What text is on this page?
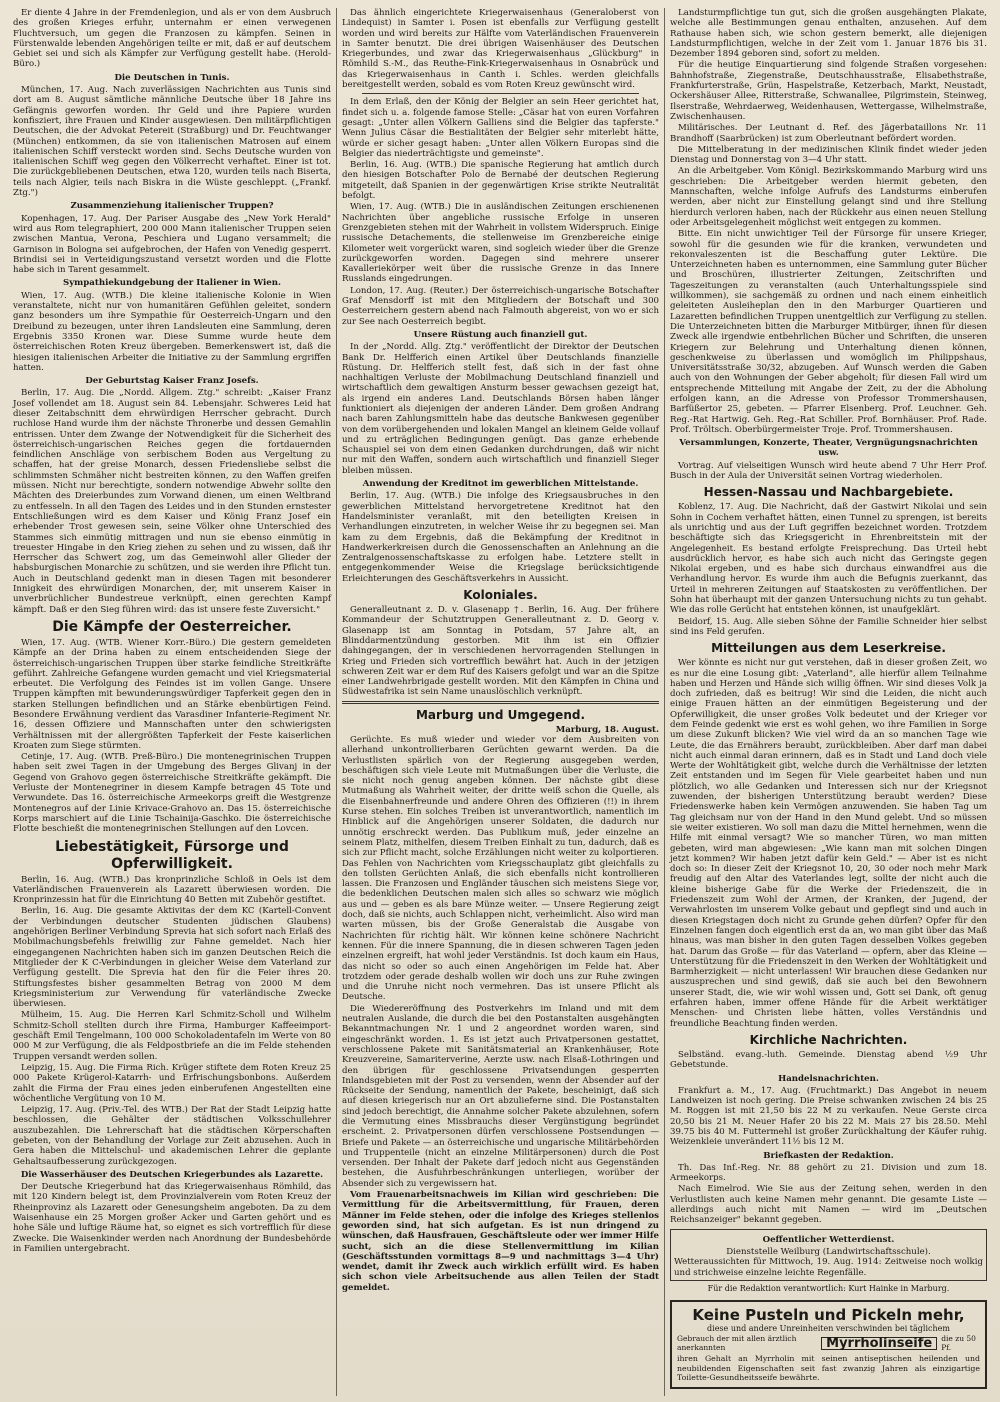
Er diente 4 Jahre in der Fremdenlegion, und als er von dem Ausbruch des großen Krieges erfuhr, unternahm er einen verwegenen Fluchtversuch, um gegen die Franzosen zu kämpfen. Seinen in Fürstenwalde lebenden Angehörigen teilte er mit, daß er auf deutschem Gebiet sei und sich als Kämpfer zur Verfügung gestellt habe. (Herold-Büro.)

Die Deutschen in Tunis.

München, 17. Aug. Nach zuverlässigen Nachrichten aus Tunis sind dort am 8. August sämtliche männliche Deutsche über 18 Jahre ins Gefängnis geworfen worden. Ihr Geld und ihre Papiere wurden konfisziert, ihre Frauen und Kinder ausgewiesen. Den militärpflichtigen Deutschen, die der Advokat Petereit (Straßburg) und Dr. Feuchtwanger (München) entkommen, da sie von italienischen Matrosen auf einem italienischen Schiff versteckt worden sind. Sechs Deutsche wurden von italienischen Schiff weg gegen den Völkerrecht verhaftet. Einer ist tot. Die zurückgebliebenen Deutschen, etwa 120, wurden teils nach Biserta, teils nach Algier, teils nach Biskra in die Wüste geschleppt. („Frankf. Ztg.")

Zusammenziehung italienischer Truppen?

Kopenhagen, 17. Aug. Der Pariser Ausgabe des „New York Herald" wird aus Rom telegraphiert, 200 000 Mann italienischer Truppen seien zwischen Mantua, Verona, Peschiera und Lugano versammelt; die Garnison in Bologna sei aufgebrochen, der Hafen von Venedig gesperrt. Brindisi sei in Verteidigungszustand versetzt worden und die Flotte habe sich in Tarent gesammelt.

Sympathiekundgebung der Italiener in Wien.

Wien, 17. Aug. (WTB.) Die kleine italienische Kolonie in Wien veranstaltete, nicht nur von humanitären Gefühlen geleitet, sondern ganz besonders um ihre Sympathie für Oesterreich-Ungarn und den Dreibund zu bezeugen, unter ihren Landsleuten eine Sammlung, deren Ergebnis 3350 Kronen war. Diese Summe wurde heute dem österreichischen Roten Kreuz übergeben. Bemerkenswert ist, daß die hiesigen italienischen Arbeiter die Initiative zu der Sammlung ergriffen hatten.

Der Geburtstag Kaiser Franz Josefs.

Berlin, 17. Aug. Die „Nordd. Allgem. Ztg." schreibt: „Kaiser Franz Josef vollendet am 18. August sein 84. Lebensjahr. Schweres Leid hat dieser Zeitabschnitt dem ehrwürdigen Herrscher gebracht. Durch ruchlose Hand wurde ihm der nächste Thronerbe und dessen Gemahlin entrissen. Unter dem Zwange der Notwendigkeit für die Sicherheit des österreichisch-ungarischen Reiches gegen die fortdauernden feindlichen Anschläge von serbischem Boden aus Vergeltung zu schaffen, hat der greise Monarch, dessen Friedensliebe selbst die schlimmsten Schmäher nicht bestreiten können, zu den Waffen greifen müssen. Nicht nur berechtigte, sondern notwendige Abwehr sollte den Mächten des Dreierbundes zum Vorwand dienen, um einen Weltbrand zu entfesseln. In all den Tagen des Leides und in den Stunden ernstester Entschließungen wird es dem Kaiser und König Franz Josef ein erhebender Trost gewesen sein, seine Völker ohne Unterschied des Stammes sich einmütig mittragen und nun sie ebenso einmütig in treuester Hingabe in den Krieg ziehen zu sehen und zu wissen, daß ihr Herrscher das Schwert zog, um das Gemeinwohl aller Glieder der habsburgischen Monarchie zu schützen, und sie werden ihre Pflicht tun. Auch in Deutschland gedenkt man in diesen Tagen mit besonderer Innigkeit des ehrwürdigen Monarchen, der, mit unserem Kaiser in unverbrüchlicher Bundestreue verknüpft, einen gerechten Kampf kämpft. Daß er den Sieg führen wird: das ist unsere feste Zuversicht."

Die Kämpfe der Oesterreicher.

Wien, 17. Aug. (WTB. Wiener Korr.-Büro.) Die gestern gemeldeten Kämpfe an der Drina haben zu einem entscheidenden Siege der österreichisch-ungarischen Truppen über starke feindliche Streitkräfte geführt. Zahlreiche Gefangene wurden gemacht und viel Kriegsmaterial erbeutet. Die Verfolgung des Feindes ist im vollen Gange. Unsere Truppen kämpften mit bewunderungswürdiger Tapferkeit gegen den in starken Stellungen befindlichen und an Stärke ebenbürtigen Feind. Besondere Erwähnung verdient das Varasdiner Infanterie-Regiment Nr. 16, dessen Offiziere und Mannschaften unter den schwierigsten Verhältnissen mit der allergrößten Tapferkeit der Feste kaiserlichen Kroaten zum Siege stürmten.

Cetinje, 17. Aug. (WTB. Preß-Büro.) Die montenegrinischen Truppen haben seit zwei Tagen in der Umgebung des Berges Glivanj in der Gegend von Grahovo gegen österreichische Streitkräfte gekämpft. Die Verluste der Montenegriner in diesem Kampfe betragen 45 Tote und Verwundete. Das 16. österreichische Armeekorps greift die Westgrenze Montenegros auf der Linie Krivace-Grahovo an. Das 15. österreichische Korps marschiert auf die Linie Tschainija-Gaschko. Die österreichische Flotte beschießt die montenegrinischen Stellungen auf den Lovcen.

Liebestätigkeit, Fürsorge und Opferwilligkeit.

Berlin, 16. Aug. (WTB.) Das kronprinzliche Schloß in Oels ist dem Vaterländischen Frauenverein als Lazarett überwiesen worden. Die Kronprinzessin hat für die Einrichtung 40 Betten mit Zubehör gestiftet.

Berlin, 16. Aug. Die gesamte Aktivitas der dem KC (Kartell-Convent der Verbindungen deutscher Studenten jüdischen Glaubens) angehörigen Berliner Verbindung Sprevia hat sich sofort nach Erlaß des Mobilmachungsbefehls freiwillig zur Fahne gemeldet. Nach hier eingegangenen Nachrichten haben sich im ganzen Deutschen Reich die Mitglieder der K C-Verbindungen in gleicher Weise dem Vaterland zur Verfügung gestellt. Die Sprevia hat den für die Feier ihres 20. Stiftungsfestes bisher gesammelten Betrag von 2000 M dem Kriegsministerium zur Verwendung für vaterländische Zwecke überwiesen.

Mülheim, 15. Aug. Die Herren Karl Schmitz-Scholl und Wilhelm Schmitz-Scholl stellten durch ihre Firma, Hamburger Kaffeeimport-geschäft Emil Tengelmann, 100 000 Schokoladentafeln im Werte von 80 000 M zur Verfügung, die als Feldpostbriefe an die im Felde stehenden Truppen versandt werden sollen.

Leipzig, 15. Aug. Die Firma Rich. Krüger stiftete dem Roten Kreuz 25 000 Pakete Krügerol-Katarrh- und Erfrischungsbonbons. Außerdem zahlt die Firma der Frau eines jeden einberufenen Angestellten eine wöchentliche Vergütung von 10 M.

Leipzig, 17. Aug. (Priv.-Tel. des WTB.) Der Rat der Stadt Leipzig hatte beschlossen, die Gehälter der städtischen Volksschullehrer auszubezahlen. Die Lehrerschaft hat die städtischen Körperschaften gebeten, von der Behandlung der Vorlage zur Zeit abzusehen. Auch in Gera haben die Mittelschul- und akademischen Lehrer die geplante Gehaltsaufbesserung zurückgezogen.

Die Wasserhäuser des Deutschen Kriegerbundes als Lazarette.

Der Deutsche Kriegerbund hat das Kriegerwaisenhaus Römhild, das mit 120 Kindern belegt ist, dem Provinzialverein vom Roten Kreuz der Rheinprovinz als Lazarett oder Genesungsheim angeboten. Da zu dem Waisenhause ein 25 Morgen großer Acker und Garten gehört und es hohe Säle und luftige Räume hat, so eignet es sich vortrefflich für diese Zwecke. Die Waisenkinder werden nach Anordnung der Bundesbehörde in Familien untergebracht.

Das ähnlich eingerichtete Kriegerwaisenhaus (Generaloberst von Lindequist) in Samter i. Posen ist ebenfalls zur Verfügung gestellt worden und wird bereits zur Hälfte vom Vaterländischen Frauenverein in Samter benutzt. Die drei übrigen Waisenhäuser des Deutschen Kriegerbundes, und zwar das Kriegerwaisenhaus „Glückburg" in Römhild S.-M., das Reuthe-Fink-Kriegerwaisenhaus in Osnabrück und das Kriegerwaisenhaus in Canth i. Schles. werden gleichfalls bereitgestellt werden, sobald es vom Roten Kreuz gewünscht wird.

In dem Erlaß, den der König der Belgier an sein Heer gerichtet hat, findet sich u. a. folgende famose Stelle: „Cäsar hat von euren Vorfahren gesagt: „Unter allen Völkern Galliens sind die Belgier das tapferste." Wenn Julius Cäsar die Bestialitäten der Belgier sehr miterlebt hätte, würde er sicher gesagt haben: „Unter allen Völkern Europas sind die Belgier das niederträchtigste und gemeinste".

Berlin, 16. Aug. (WTB.) Die spanische Regierung hat amtlich durch den hiesigen Botschafter Polo de Bernabé der deutschen Regierung mitgeteilt, daß Spanien in der gegenwärtigen Krise strikte Neutralität befolgt.

Wien, 17. Aug. (WTB.) Die in ausländischen Zeitungen erschienenen Nachrichten über angebliche russische Erfolge in unseren Grenzgebieten stehen mit der Wahrheit in vollstem Widerspruch. Einige russische Detachements, die stellenweise im Grenzbereiche einige Kilometer weit vorgerückt waren, sind sogleich wieder über die Grenze zurückgeworfen worden. Dagegen sind mehrere unserer Kavalleriekörper weit über die russische Grenze in das Innere Russlands eingedrungen.

London, 17. Aug. (Reuter.) Der österreichisch-ungarische Botschafter Graf Mensdorff ist mit den Mitgliedern der Botschaft und 300 Oesterreichern gestern abend nach Falmouth abgereist, von wo er sich zur See nach Oesterreich begibt.

Unsere Rüstung auch finanziell gut.

In der „Nordd. Allg. Ztg." veröffentlicht der Direktor der Deutschen Bank Dr. Helfferich einen Artikel über Deutschlands finanzielle Rüstung. Dr. Helfferich stellt fest, daß sich in der fast ohne nachhaltigen Verluste der Mobilmachung Deutschland finanziell und wirtschaftlich dem gewaltigen Ansturm besser gewachsen gezeigt hat, als irgend ein anderes Land. Deutschlands Börsen haben länger funktioniert als diejenigen der anderen Länder. Dem großen Andrang nach baren Zahlungsmitteln habe das deutsche Bankwesen gegenüber von dem vorübergehenden und lokalen Mangel an kleinem Gelde vollauf und zu erträglichen Bedingungen genügt. Das ganze erhebende Schauspiel sei von dem einen Gedanken durchdrungen, daß wir nicht nur mit den Waffen, sondern auch wirtschaftlich und finanziell Sieger bleiben müssen.

Anwendung der Kreditnot im gewerblichen Mittelstande.

Berlin, 17. Aug. (WTB.) Die infolge des Kriegsausbruches in den gewerblichen Mittelstand hervorgetretene Kreditnot hat den Handelsminister veranlaßt, mit den beteiligten Kreisen in Verhandlungen einzutreten, in welcher Weise ihr zu begegnen sei. Man kam zu dem Ergebnis, daß die Bekämpfung der Kreditnot in Handwerkerkreisen durch die Genossenschaften an Anlehnung an die Zentralgenossenschaftskasse zu erfolgen habe. Letztere stellt in entgegenkommender Weise die Kriegslage berücksichtigende Erleichterungen des Geschäftsverkehrs in Aussicht.

Koloniales.

Generalleutnant z. D. v. Glasenapp †. Berlin, 16. Aug. Der frühere Kommandeur der Schutztruppen Generalleutnant z. D. Georg v. Glasenapp ist am Sonntag in Potsdam, 57 Jahre alt, an Blinddarmentzündung gestorben. Mit ihm ist ein Offizier dahingegangen, der in verschiedenen hervorragenden Stellungen in Krieg und Frieden sich vortrefflich bewährt hat. Auch in der jetzigen schweren Zeit war er dem Ruf des Kaisers gefolgt und war an die Spitze einer Landwehrbrigade gestellt worden. Mit den Kämpfen in China und Südwestafrika ist sein Name unauslöschlich verknüpft.

Marburg und Umgegend.
Marburg, 18. August.

Gerüchte. Es muß wieder und wieder vor dem Ausbreiten von allerhand unkontrollierbaren Gerüchten gewarnt werden. Da die Verlustlisten spärlich von der Regierung ausgegeben werden, beschäftigen sich viele Leute mit Mutmaßungen über die Verluste, die sie nicht noch genug angeben können. Der nächste gibt diese Mutmaßung als Wahrheit weiter, der dritte weiß schon die Quelle, als die Eisenbahnerfreunde und andere Ohren des Offizieren (!!) in ihrem Kurse stehen. Ein solches Treiben ist unverantwortlich, namentlich im Hinblick auf die Angehörigen unserer Soldaten, die dadurch nur unnötig erschreckt werden. Das Publikum muß, jeder einzelne an seinem Platz, mithelfen, diesem Treiben Einhalt zu tun, dadurch, daß es sich zur Pflicht macht, solche Erzählungen nicht weiter zu kolportieren. Das Fehlen von Nachrichten vom Kriegsschauplatz gibt gleichfalls zu den tollsten Gerüchten Anlaß, die sich ebenfalls nicht kontrollieren lassen. Die Franzosen und Engländer täuschen sich meistens Siege vor, die bedenklichen Deutschen malen sich alles so schwarz wie möglich aus und — geben es als bare Münze weiter. — Unsere Regierung zeigt doch, daß sie nichts, auch Schlappen nicht, verheimlicht. Also wird man warten müssen, bis der Große Generalstab die Ausgabe von Nachrichten für richtig hält. Wir können keine schönere Nachricht kennen. Für die innere Spannung, die in diesen schweren Tagen jeden einzelnen ergreift, hat wohl jeder Verständnis. Ist doch kaum ein Haus, das nicht so oder so auch einen Angehörigen im Felde hat. Aber trotzdem oder gerade deshalb wollen wir doch uns zur Ruhe zwingen und die Unruhe nicht noch vermehren. Das ist unsere Pflicht als Deutsche.

Die Wiedereröffnung des Postverkehrs im Inland und mit dem neutralen Auslande, die durch die bei den Postanstalten ausgehängten Bekanntmachungen Nr. 1 und 2 angeordnet worden waren, sind eingeschränkt worden. 1. Es ist jetzt auch Privatpersonen gestattet, verschlossene Pakete mit Sanitätsmaterial an Krankenhäuser, Rote Kreuzvereine, Samariterverine, Aerzte usw. nach Elsaß-Lothringen und den übrigen für geschlossene Privatsendungen gesperrten Inlandsgebieten mit der Post zu versenden, wenn der Absender auf der Rückseite der Sendung, namentlich der Pakete, bescheinigt, daß sich auf diesen kriegerisch nur an Ort abzulieferne sind. Die Postanstalten sind jedoch berechtigt, die Annahme solcher Pakete abzulehnen, sofern die Vermutung eines Missbrauchs dieser Vergünstigung begründet erscheint. 2. Privatpersonen dürfen verschlossene Postsendungen — Briefe und Pakete — an österreichische und ungarische Militärbehörden und Truppenteile (nicht an einzelne Militärpersonen) durch die Post versenden. Der Inhalt der Pakete darf jedoch nicht aus Gegenständen bestehen, die Ausfuhrbeschränkungen unterliegen, worüber der Absender sich zu vergewissern hat.

Vom Frauenarbeitsnachweis im Kilian wird geschrieben: Die Vermittlung für die Arbeitsvermittlung, für Frauen, deren Männer im Felde stehen, oder die infolge des Krieges stellenlos geworden sind, hat sich aufgetan. Es ist nun dringend zu wünschen, daß Hausfrauen, Geschäftsleute oder wer immer Hilfe sucht, sich an die diese Stellenvermittlung im Kilian (Geschäftsstunden vormittags 8—9 und nachmittags 3—4 Uhr) wendet, damit ihr Zweck auch wirklich erfüllt wird. Es haben sich schon viele Arbeitsuchende aus allen Teilen der Stadt gemeldet.

Landsturmpflichtige tun gut, sich die großen ausgehängten Plakate, welche alle Bestimmungen genau enthalten, anzusehen. Auf dem Rathause haben sich, wie schon gestern bemerkt, alle diejenigen Landsturmpflichtigen, welche in der Zeit vom 1. Januar 1876 bis 31. Dezember 1894 geboren sind, sofort zu melden.

Für die heutige Einquartierung sind folgende Straßen vorgesehen: Bahnhofstraße, Ziegenstraße, Deutschhausstraße, Elisabethstraße, Frankfurterstraße, Grün, Haspelstraße, Ketzerbach, Markt, Neustadt, Ockershäuser Allee, Ritterstraße, Schwanallee, Pilgrimstein, Steinweg, Ilserstraße, Wehrdaerweg, Weidenhausen, Wettergasse, Wilhelmstraße, Zwischenhausen.

Militärisches. Der Leutnant d. Ref. des Jägerbataillons Nr. 11 Brandhoff (Saarbrücken) ist zum Oberleutnant befördert worden.

Die Mittelberatung in der medizinischen Klinik findet wieder jeden Dienstag und Donnerstag von 3—4 Uhr statt.

An die Arbeitgeber. Vom Königl. Bezirkskommando Marburg wird uns geschrieben: Die Arbeitgeber werden hiermit gebeten, den Mannschaften, welche infolge Aufrufs des Landsturms einberufen werden, aber nicht zur Einstellung gelangt sind und ihre Stellung hierdurch verloren haben, nach der Rückkehr aus einen neuen Stellung oder Arbeitsgelegenheit möglichst weit entgegen zu kommen.

Bitte. Ein nicht unwichtiger Teil der Fürsorge für unsere Krieger, sowohl für die gesunden wie für die kranken, verwundeten und rekonvaleszenten ist die Beschaffung guter Lektüre. Die Unterzeichneten haben es unternommen, eine Sammlung guter Bücher und Broschüren, illustrierter Zeitungen, Zeitschriften und Tageszeitungen zu veranstalten (auch Unterhaltungsspiele sind willkommen), sie sachgemäß zu ordnen und nach einem einheitlich geleiteten Ausleiheplan den in den Marburger Quartieren und Lazaretten befindlichen Truppen unentgeltlich zur Verfügung zu stellen. Die Unterzeichneten bitten die Marburger Mitbürger, ihnen für diesen Zweck alle irgendwie entbehrlichen Bücher und Schriften, die unseren Kriegern zur Belehrung und Unterhaltung dienen können, geschenkweise zu überlassen und womöglich im Philippshaus, Universitätsstraße 30/32, abzugeben. Auf Wunsch werden die Gaben auch von den Wohnungen der Geber abgeholt; für diesen Fall wird um entsprechende Mitteilung mit Angabe der Zeit, zu der die Abholung erfolgen kann, an die Adresse von Professor Trommershausen, Barfüßertor 25, gebeten. — Pfarrer Elsenberg. Prof. Leuchner. Geh. Reg.-Rat Hartwig. Geh. Reg.-Rat Schiller. Prof. Bornhäuser. Prof. Rade. Prof. Tröltsch. Oberbürgermeister Troje. Prof. Trommershausen.

Versammlungen, Konzerte, Theater, Vergnügungsnachrichten usw.

Vortrag. Auf vielseitigen Wunsch wird heute abend 7 Uhr Herr Prof. Busch in der Aula der Universität seinen Vortrag wiederholen.

Hessen-Nassau und Nachbargebiete.

Koblenz, 17. Aug. Die Nachricht, daß der Gastwirt Nikolai und sein Sohn in Cochem verhaftet hätten, einen Tunnel zu sprengen, ist bereits als unrichtig und aus der Luft gegriffen bezeichnet worden. Trotzdem beschäftigte sich das Kriegsgericht in Ehrenbreitstein mit der Angelegenheit. Es bestand erfolgte Freisprechung. Das Urteil hebt ausdrücklich hervor, es habe sich auch nicht das Geringste gegen Nikolai ergeben, und es habe sich durchaus einwandfrei aus die Verhandlung hervor. Es wurde ihm auch die Befugnis zuerkannt, das Urteil in mehreren Zeitungen auf Staatskosten zu veröffentlichen. Der Sohn hat überhaupt mit der ganzen Untersuchung nichts zu tun gehabt. Wie das rolle Gerücht hat entstehen können, ist unaufgeklärt.

Beidorf, 15. Aug. Alle sieben Söhne der Familie Schneider hier selbst sind ins Feld gerufen.

Mitteilungen aus dem Leserkreise.

Wer könnte es nicht nur gut verstehen, daß in dieser großen Zeit, wo es nur die eine Losung gibt: „Vaterland", alle hierfür allem Teilnahme haben und Herzen und Hände sich willig öffnen. Wir sind dieses Volk ja doch zufrieden, daß es beitrug! Wir sind die Leiden, die nicht auch einige Frauen hätten an der einmütigen Begeisterung und der Opferwilligkeit, die unser großes Volk bedeutet und der Krieger vor dem Feinde gedenkt wie erst es wohl gehen, wo ihre Familien in Sorge um diese Zukunft blicken? Wie viel wird da an so manchen Tage wie Leute, die das Ernährers beraubt, zurückbleiben. Aber darf man dabei nicht auch einmal daran erinnern, daß es in Stadt und Land doch viele Werte der Wohltätigkeit gibt, welche durch die Verhältnisse der letzten Zeit entstanden und im Segen für Viele gearbeitet haben und nun plötzlich, wo alle Gedanken und Interessen sich nur der Kriegsnot zuwenden, der bisherigen Unterstützung beraubt werden? Diese Friedenswerke haben kein Vermögen anzuwenden. Sie haben Tag um Tag gleichsam nur von der Hand in den Mund gelebt. Und so müssen sie weiter existieren. Wo soll man dazu die Mittel hernehmen, wenn die Hilfe mit einmal versagt? Wie so mancher Türen, wo man mitten gebeten, wird man abgewiesen: „Wie kann man mit solchen Dingen jetzt kommen? Wir haben jetzt dafür kein Geld." — Aber ist es nicht doch so: In dieser Zeit der Kriegsnot 10, 20, 30 oder noch mehr Mark freudig auf den Altar des Vaterlandes legt, sollte der nicht auch die kleine bisherige Gabe für die Werke der Friedenszeit, die in Friedenszeit zum Wohl der Armen, der Kranken, der Jugend, der Verwahrlosten im unserem Volke gebaut und gepflegt sind und auch in diesen Kriegstagen doch nicht zu Grunde gehen dürfen? Opfer für den Einzelnen fangen doch eigentlich erst da an, wo man gibt über das Maß hinaus, was man bisher in den guten Tagen desselben Volkes gegeben hat. Darum das Große — für das Vaterland — opfern, aber das Kleine — Unterstützung für die Friedenszeit in den Werken der Wohltätigkeit und Barmherzigkeit — nicht unterlassen! Wir brauchen diese Gedanken nur auszusprechen und sind gewiß, daß sie auch bei den Bewohnern unserer Stadt, die, wie wir wohl wissen und, Gott sei Dank, oft genug erfahren haben, immer offene Hände für die Arbeit werktätiger Menschen- und Christen liebe hätten, volles Verständnis und freundliche Beachtung finden werden.

Kirchliche Nachrichten.

Selbständ. evang.-luth. Gemeinde. Dienstag abend ½9 Uhr Gebetstunde.

Handelsnachrichten.

Frankfurt a. M., 17. Aug. (Fruchtmarkt.) Das Angebot in neuem Landweizen ist noch gering. Die Preise schwanken zwischen 24 bis 25 M. Roggen ist mit 21,50 bis 22 M zu verkaufen. Neue Gerste circa 20,50 bis 21 M. Neuer Hafer 20 bis 22 M. Mais 27 bis 28.50. Mehl 39.75 bis 40 M. Futtermehl ist großer Zurückhaltung der Käufer ruhig. Weizenkleie unverändert 11½ bis 12 M.

Briefkasten der Redaktion.

Th. Das Inf.-Reg. Nr. 88 gehört zu 21. Division und zum 18. Armeekorps.

Nach Eimelrod. Wie Sie aus der Zeitung sehen, werden in den Verlustlisten auch keine Namen mehr genannt. Die gesamte Liste — allerdings auch nicht mit Namen — wird im „Deutschen Reichsanzeiger" bekannt gegeben.

Oeffentlicher Wetterdienst.
Dienststelle Weilburg (Landwirtschaftsschule).
Wetteraussichten für Mittwoch, 19. Aug. 1914: Zeitweise noch wolkig und strichweise einzelne leichte Regenfälle.
Für die Redaktion verantwortlich: Kurt Hainke in Marburg.
Keine Pusteln und Pickeln mehr,
diese und andere Unreinheiten verschwinden bei täglichem
Gebrauch der mit allen ärztlich anerkannten	Myrrholinseife	die zu 50 Pf.
ihren Gehalt an Myrrholin mit seinen antiseptischen heilenden und neubildenden Eigenschaften seit fast zwanzig Jahren als einzigartige Toilette-Gesundheitsseife bewährte.
